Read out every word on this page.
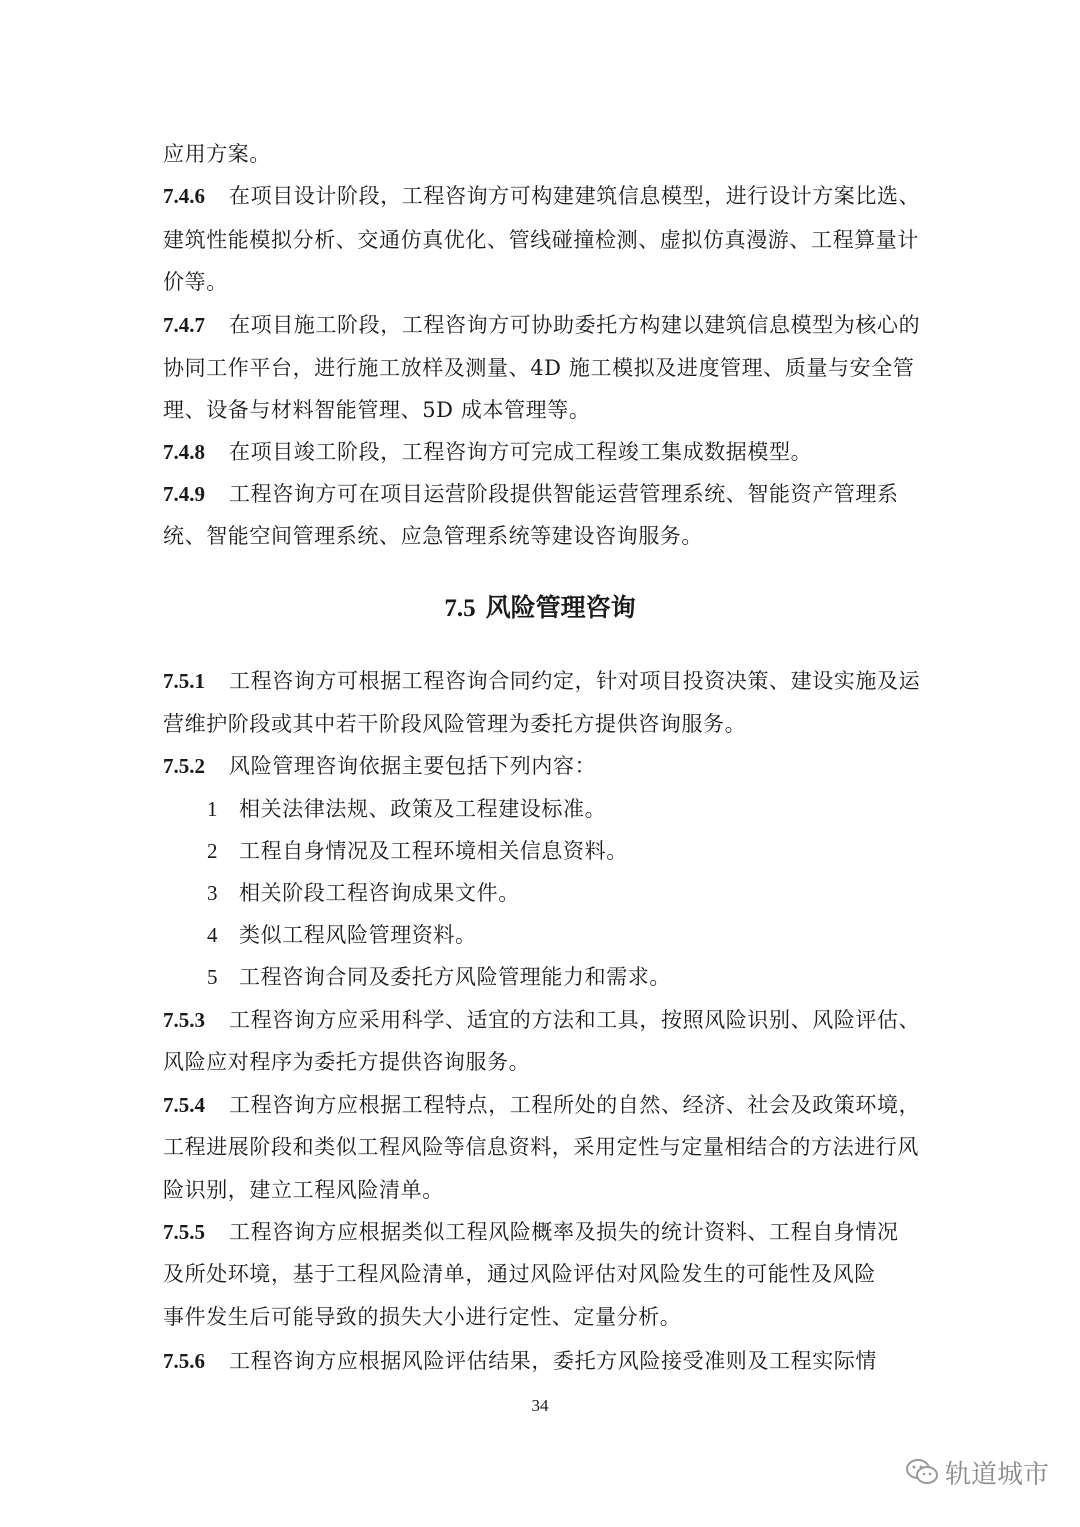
应用方案。
7.4.6 在项目设计阶段，工程咨询方可构建建筑信息模型，进行设计方案比选、
建筑性能模拟分析、交通仿真优化、管线碰撞检测、虚拟仿真漫游、工程算量计
价等。
7.4.7 在项目施工阶段，工程咨询方可协助委托方构建以建筑信息模型为核心的
协同工作平台，进行施工放样及测量、4D 施工模拟及进度管理、质量与安全管
理、设备与材料智能管理、5D 成本管理等。
7.4.8 在项目竣工阶段，工程咨询方可完成工程竣工集成数据模型。
7.4.9 工程咨询方可在项目运营阶段提供智能运营管理系统、智能资产管理系
统、智能空间管理系统、应急管理系统等建设咨询服务。
7.5 风险管理咨询
7.5.1 工程咨询方可根据工程咨询合同约定，针对项目投资决策、建设实施及运
营维护阶段或其中若干阶段风险管理为委托方提供咨询服务。
7.5.2 风险管理咨询依据主要包括下列内容：
1 相关法律法规、政策及工程建设标准。
2 工程自身情况及工程环境相关信息资料。
3 相关阶段工程咨询成果文件。
4 类似工程风险管理资料。
5 工程咨询合同及委托方风险管理能力和需求。
7.5.3 工程咨询方应采用科学、适宜的方法和工具，按照风险识别、风险评估、
风险应对程序为委托方提供咨询服务。
7.5.4 工程咨询方应根据工程特点，工程所处的自然、经济、社会及政策环境，
工程进展阶段和类似工程风险等信息资料，采用定性与定量相结合的方法进行风
险识别，建立工程风险清单。
7.5.5 工程咨询方应根据类似工程风险概率及损失的统计资料、工程自身情况
及所处环境，基于工程风险清单，通过风险评估对风险发生的可能性及风险
事件发生后可能导致的损失大小进行定性、定量分析。
7.5.6 工程咨询方应根据风险评估结果，委托方风险接受准则及工程实际情
34
轨道城市
